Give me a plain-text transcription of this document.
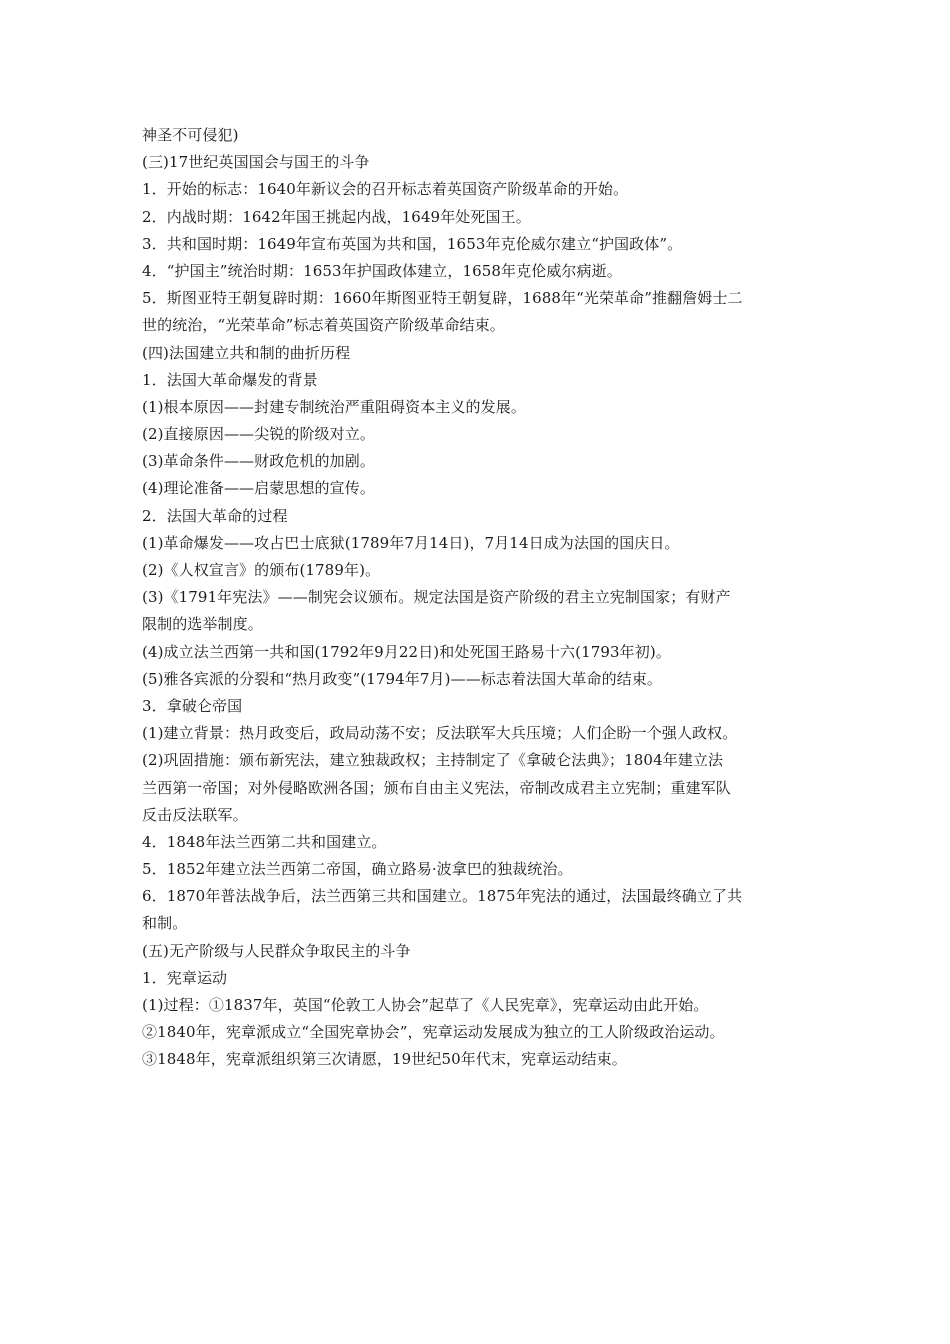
神圣不可侵犯)
(三)17世纪英国国会与国王的斗争
1．开始的标志：1640年新议会的召开标志着英国资产阶级革命的开始。
2．内战时期：1642年国王挑起内战，1649年处死国王。
3．共和国时期：1649年宣布英国为共和国，1653年克伦威尔建立“护国政体”。
4．“护国主”统治时期：1653年护国政体建立，1658年克伦威尔病逝。
5．斯图亚特王朝复辟时期：1660年斯图亚特王朝复辟，1688年“光荣革命”推翻詹姆士二
世的统治，“光荣革命”标志着英国资产阶级革命结束。
(四)法国建立共和制的曲折历程
1．法国大革命爆发的背景
(1)根本原因——封建专制统治严重阻碍资本主义的发展。
(2)直接原因——尖锐的阶级对立。
(3)革命条件——财政危机的加剧。
(4)理论准备——启蒙思想的宣传。
2．法国大革命的过程
(1)革命爆发——攻占巴士底狱(1789年7月14日)，7月14日成为法国的国庆日。
(2)《人权宣言》的颁布(1789年)。
(3)《1791年宪法》——制宪会议颁布。规定法国是资产阶级的君主立宪制国家；有财产
限制的选举制度。
(4)成立法兰西第一共和国(1792年9月22日)和处死国王路易十六(1793年初)。
(5)雅各宾派的分裂和“热月政变”(1794年7月)——标志着法国大革命的结束。
3．拿破仑帝国
(1)建立背景：热月政变后，政局动荡不安；反法联军大兵压境；人们企盼一个强人政权。
(2)巩固措施：颁布新宪法，建立独裁政权；主持制定了《拿破仑法典》；1804年建立法
兰西第一帝国；对外侵略欧洲各国；颁布自由主义宪法，帝制改成君主立宪制；重建军队
反击反法联军。
4．1848年法兰西第二共和国建立。
5．1852年建立法兰西第二帝国，确立路易·波拿巴的独裁统治。
6．1870年普法战争后，法兰西第三共和国建立。1875年宪法的通过，法国最终确立了共
和制。
(五)无产阶级与人民群众争取民主的斗争
1．宪章运动
(1)过程：①1837年，英国“伦敦工人协会”起草了《人民宪章》，宪章运动由此开始。
②1840年，宪章派成立“全国宪章协会”，宪章运动发展成为独立的工人阶级政治运动。
③1848年，宪章派组织第三次请愿，19世纪50年代末，宪章运动结束。
